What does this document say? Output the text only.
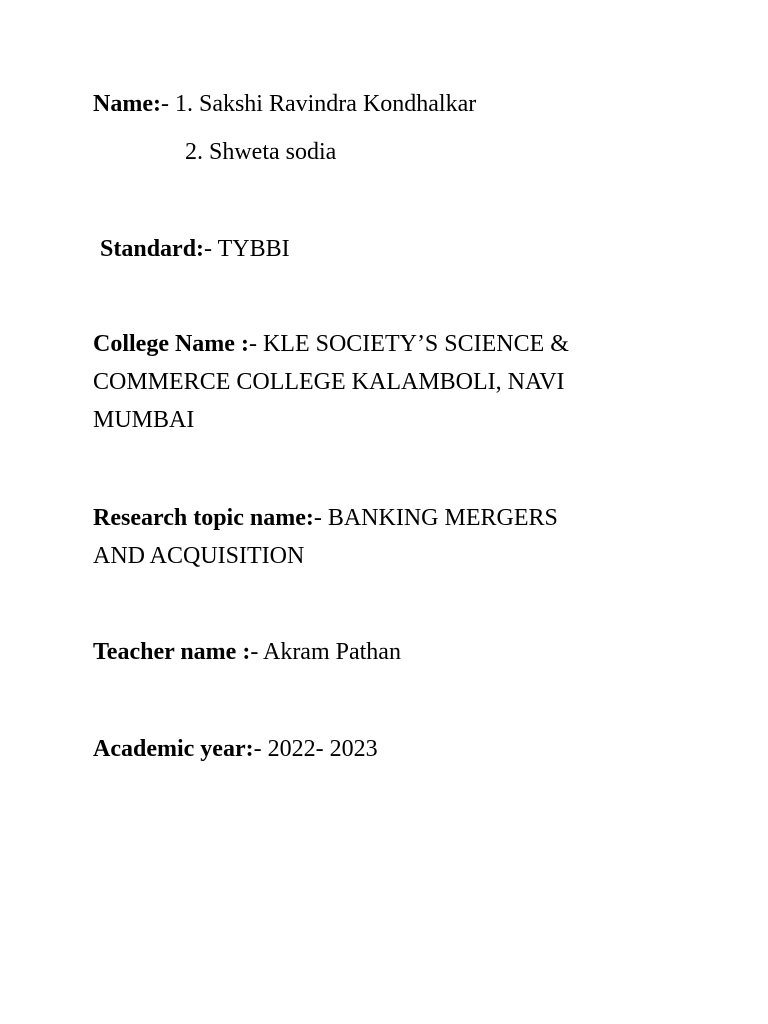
Name:- 1. Sakshi Ravindra Kondhalkar
2. Shweta sodia
Standard:- TYBBI
College Name :- KLE SOCIETY’S SCIENCE &
COMMERCE COLLEGE KALAMBOLI, NAVI
MUMBAI
Research topic name:- BANKING MERGERS
AND ACQUISITION
Teacher name :- Akram Pathan
Academic year:- 2022- 2023
